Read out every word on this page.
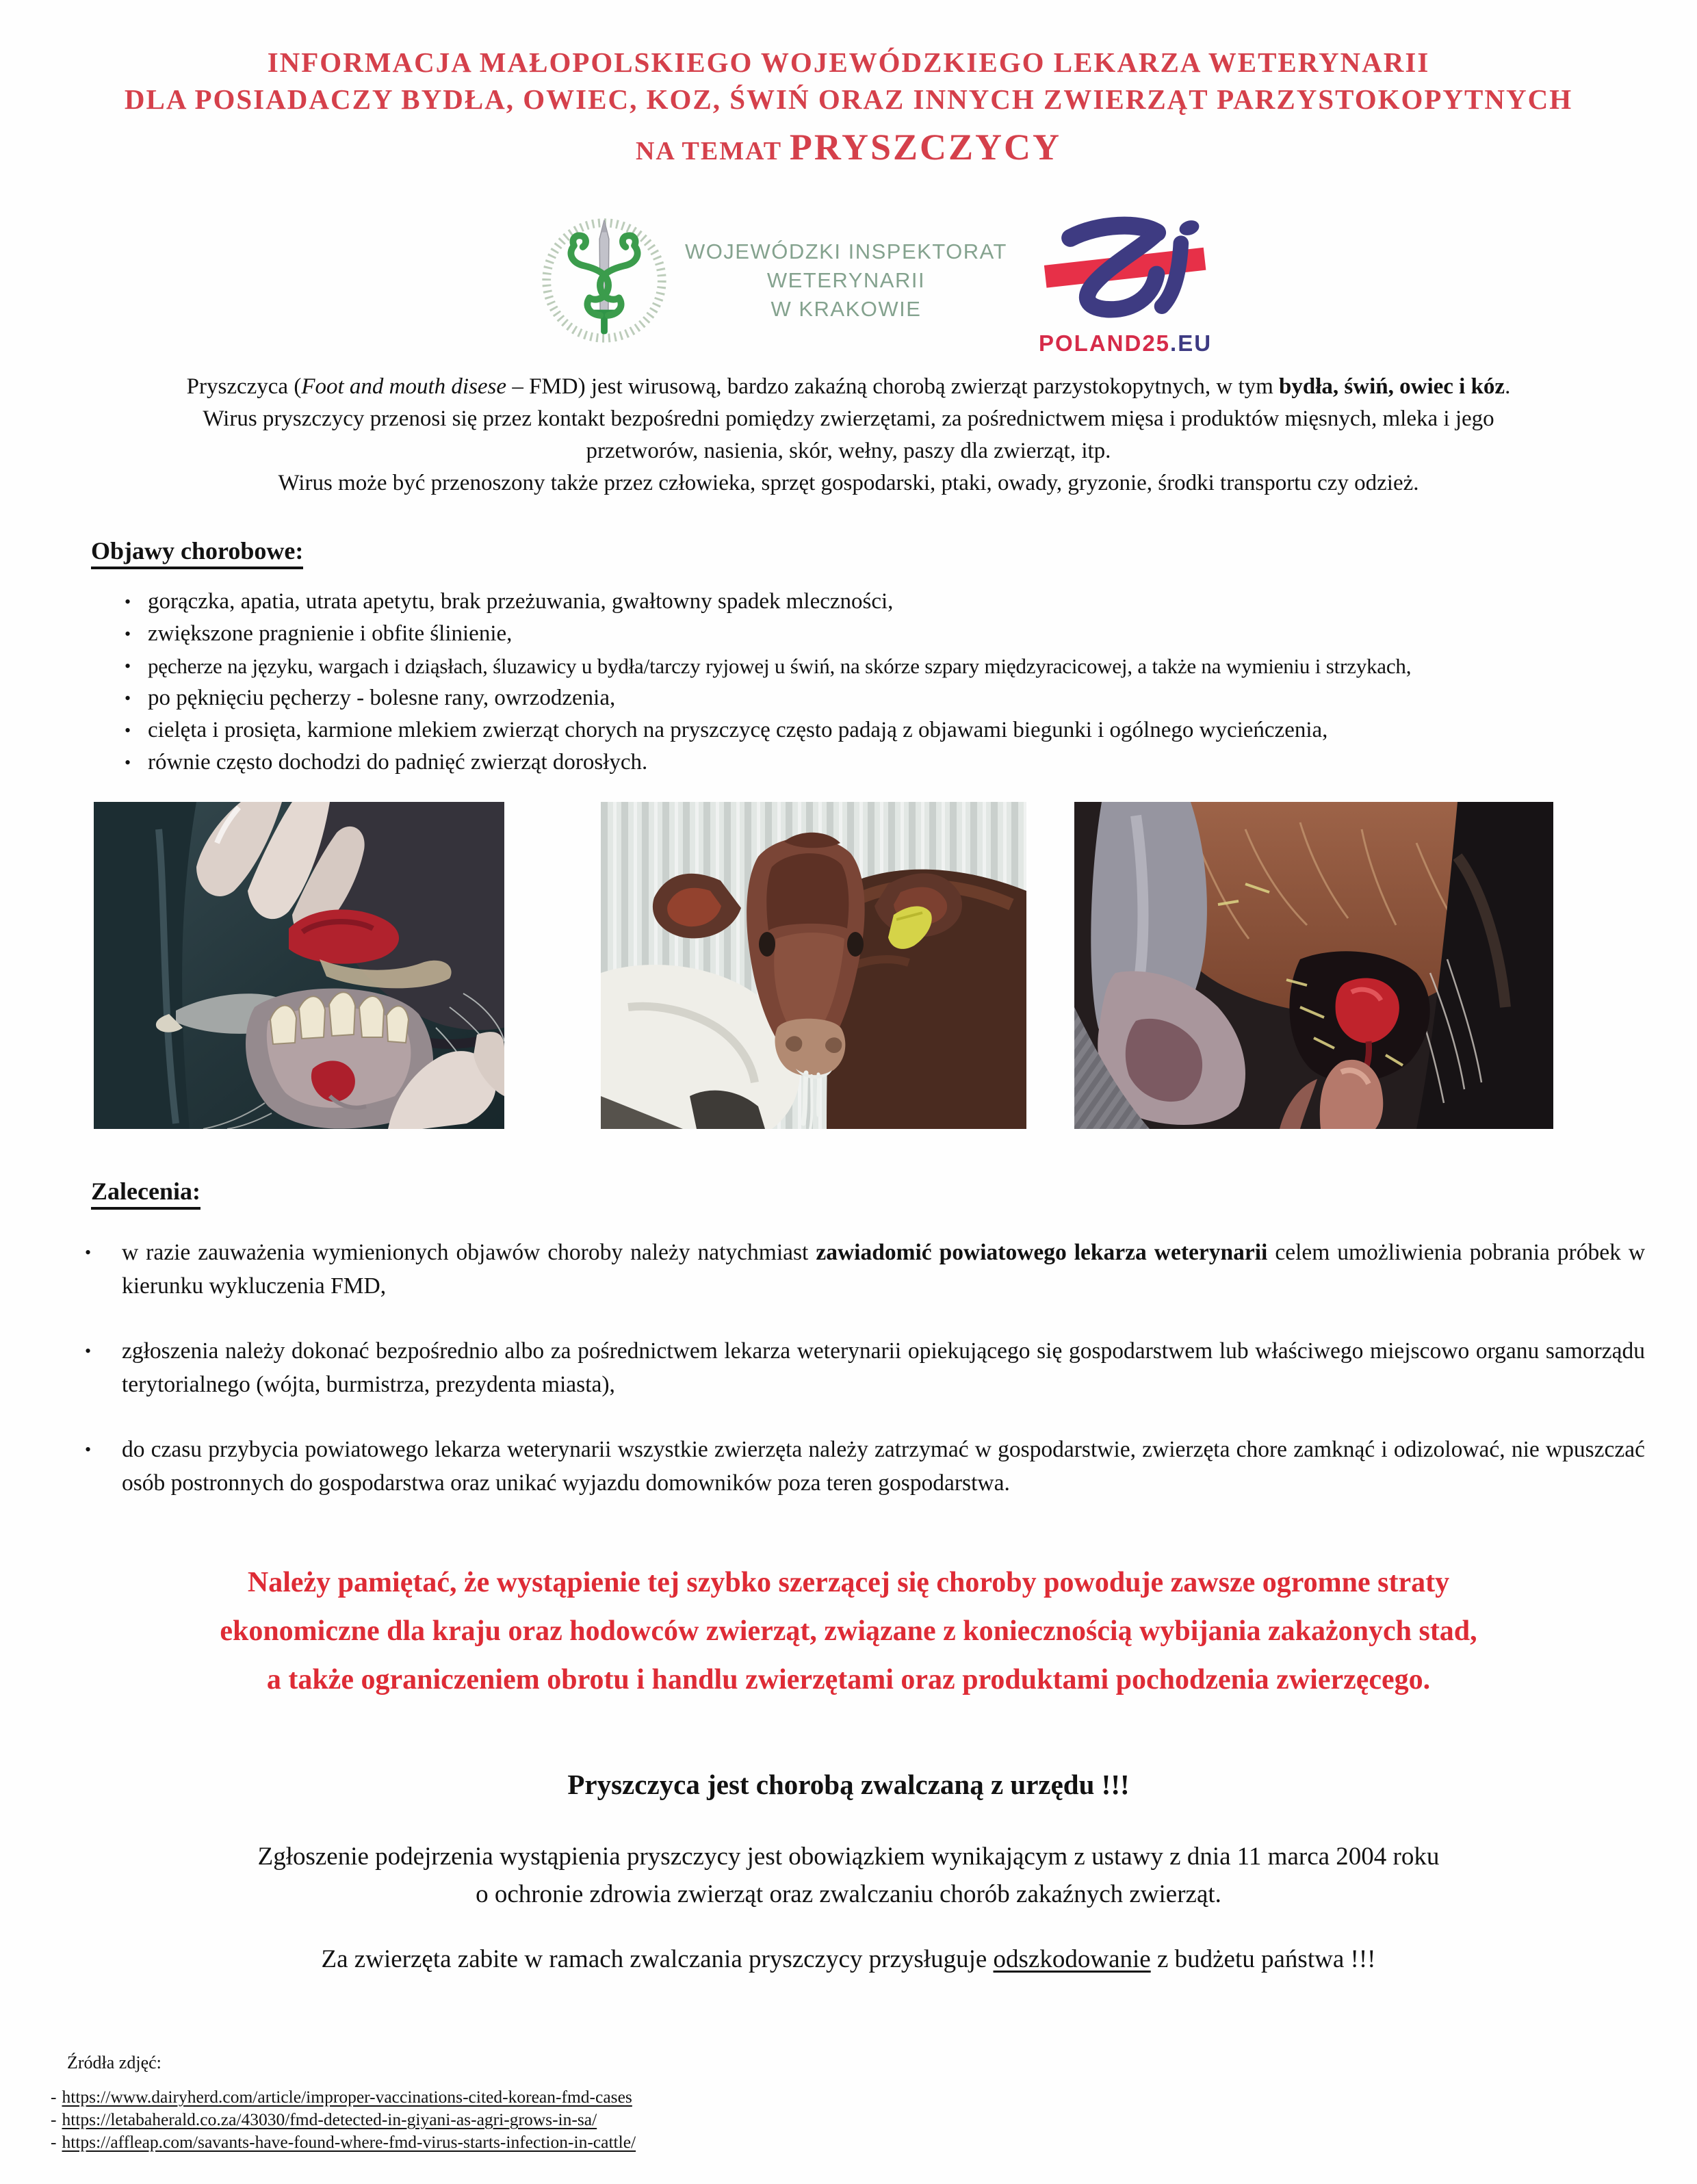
INFORMACJA MAŁOPOLSKIEGO WOJEWÓDZKIEGO LEKARZA WETERYNARII
DLA POSIADACZY BYDŁA, OWIEC, KOZ, ŚWIŃ ORAZ INNYCH ZWIERZĄT PARZYSTOKOPYTNYCH
NA TEMAT PRYSZCZYCY
WOJEWÓDZKI INSPEKTORAT
WETERYNARII
W KRAKOWIE
POLAND25.EU
Pryszczyca (Foot and mouth disese – FMD) jest wirusową, bardzo zakaźną chorobą zwierząt parzystokopytnych, w tym bydła, świń, owiec i kóz.
Wirus pryszczycy przenosi się przez kontakt bezpośredni pomiędzy zwierzętami, za pośrednictwem mięsa i produktów mięsnych, mleka i jego
przetworów, nasienia, skór, wełny, paszy dla zwierząt, itp.
Wirus może być przenoszony także przez człowieka, sprzęt gospodarski, ptaki, owady, gryzonie, środki transportu czy odzież.
Objawy chorobowe:
• gorączka, apatia, utrata apetytu, brak przeżuwania, gwałtowny spadek mleczności,
• zwiększone pragnienie i obfite ślinienie,
• pęcherze na języku, wargach i dziąsłach, śluzawicy u bydła/tarczy ryjowej u świń, na skórze szpary międzyracicowej, a także na wymieniu i strzykach,
• po pęknięciu pęcherzy - bolesne rany, owrzodzenia,
• cielęta i prosięta, karmione mlekiem zwierząt chorych na pryszczycę często padają z objawami biegunki i ogólnego wycieńczenia,
• równie często dochodzi do padnięć zwierząt dorosłych.
Zalecenia:
• w razie zauważenia wymienionych objawów choroby należy natychmiast zawiadomić powiatowego lekarza weterynarii celem umożliwienia pobrania próbek w kierunku wykluczenia FMD,
• zgłoszenia należy dokonać bezpośrednio albo za pośrednictwem lekarza weterynarii opiekującego się gospodarstwem lub właściwego miejscowo organu samorządu terytorialnego (wójta, burmistrza, prezydenta miasta),
• do czasu przybycia powiatowego lekarza weterynarii wszystkie zwierzęta należy zatrzymać w gospodarstwie, zwierzęta chore zamknąć i odizolować, nie wpuszczać osób postronnych do gospodarstwa oraz unikać wyjazdu domowników poza teren gospodarstwa.
Należy pamiętać, że wystąpienie tej szybko szerzącej się choroby powoduje zawsze ogromne straty
ekonomiczne dla kraju oraz hodowców zwierząt, związane z koniecznością wybijania zakażonych stad,
a także ograniczeniem obrotu i handlu zwierzętami oraz produktami pochodzenia zwierzęcego.
Pryszczyca jest chorobą zwalczaną z urzędu !!!
Zgłoszenie podejrzenia wystąpienia pryszczycy jest obowiązkiem wynikającym z ustawy z dnia 11 marca 2004 roku
o ochronie zdrowia zwierząt oraz zwalczaniu chorób zakaźnych zwierząt.
Za zwierzęta zabite w ramach zwalczania pryszczycy przysługuje odszkodowanie z budżetu państwa !!!
Źródła zdjęć:
- https://www.dairyherd.com/article/improper-vaccinations-cited-korean-fmd-cases
- https://letabaherald.co.za/43030/fmd-detected-in-giyani-as-agri-grows-in-sa/
- https://affleap.com/savants-have-found-where-fmd-virus-starts-infection-in-cattle/
